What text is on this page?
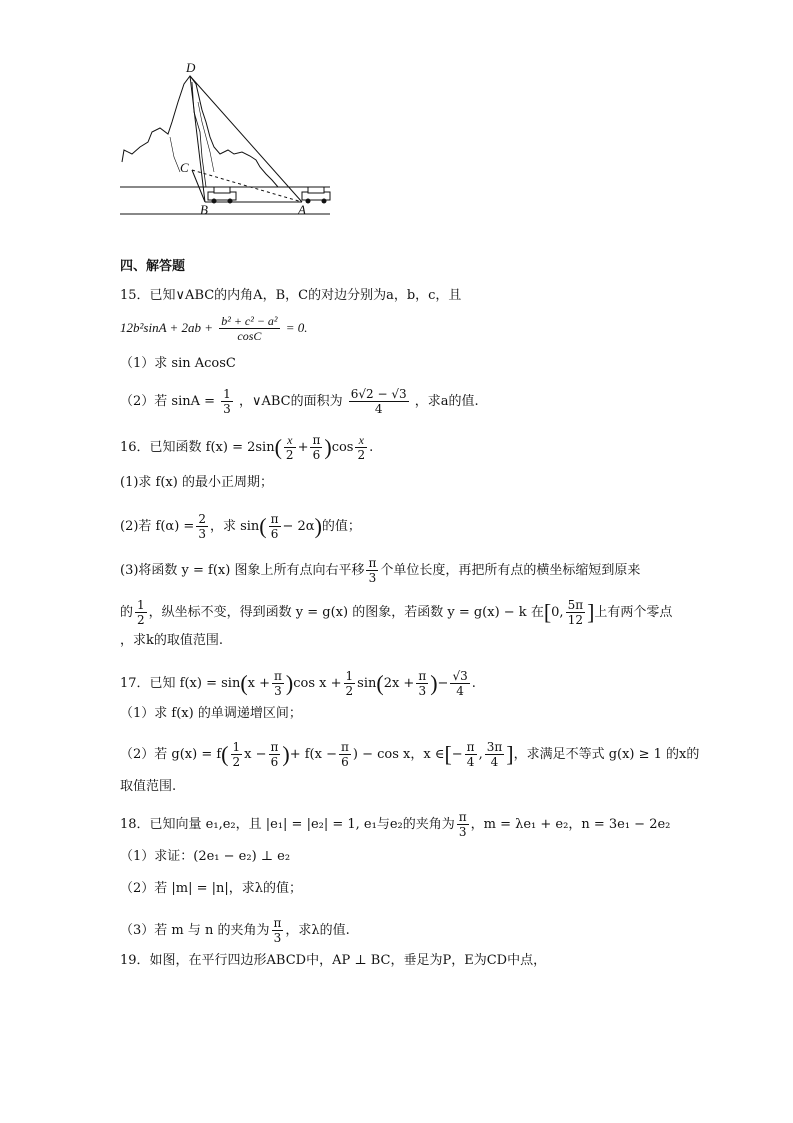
D
C
B	A
四、解答题
15．已知∨ABC的内角A，B，C的对边分别为a，b，c，且
$12b^2\sin A + 2ab + \frac{\text{b² + c² − a²}}{\cos C} = 0$.
（1）求 sin AcosC
（2）若 $\sin A = \frac{1}{3}$ ，∨ABC的面积为 $\frac{6√2 - √3}{4}$ ，求a的值.
16．已知函数 $f(x) = 2\sin( \frac{x}{2} + \frac{\pi}{6} )\cos \frac{x}{2}$ .
(1)求 f(x) 的最小正周期；
(2)若 $f(\alpha) = \frac{2}{3}$ ，求 $\sin( \frac{\pi}{6} - 2\alpha)$的值；
(3)将函数 y = f(x) 图象上所有点向右平移 $\frac{\pi}{3}$ 个单位长度，再把所有点的横坐标缩短到原来
的 $\frac{1}{2}$ ，纵坐标不变，得到函数 y = g(x) 的图象，若函数 y = g(x) − k 在[0, $\frac{5\pi}{12}$ ]上有两个零点
，求k的取值范围.
17．已知 $f(x) = \sin(x + \frac{\pi}{3} )\cos$ $x + \frac{1}{2} \sin(2x + \frac{\pi}{3}$ )− $\frac{√3}{4}$ .
（1）求 f(x) 的单调递增区间；
（2）若 $g(x) = f( \frac{1}{2}$ $x - \frac{\pi}{6}$ )+ $f(x - \frac{\pi}{6}$ ) − cos x，x ∈[− $\frac{\pi}{4}$ , $\frac{3\pi}{4}$ ]，求满足不等式 g(x) ≥ 1 的x的
取值范围.
18．已知向量 e₁,e₂，且 |e₁| = |e₂| = 1, e₁与e₂的夹角为 $\frac{\pi}{3}$ ，m = λe₁ + e₂，n = 3e₁ − 2e₂
（1）求证：(2e₁ − e₂) ⊥ e₂
（2）若 |m| = |n|，求λ的值；
（3）若 m 与 n 的夹角为 $\frac{\pi}{3}$ ，求λ的值.
19．如图，在平行四边形ABCD中，AP ⊥ BC，垂足为P，E为CD中点，
